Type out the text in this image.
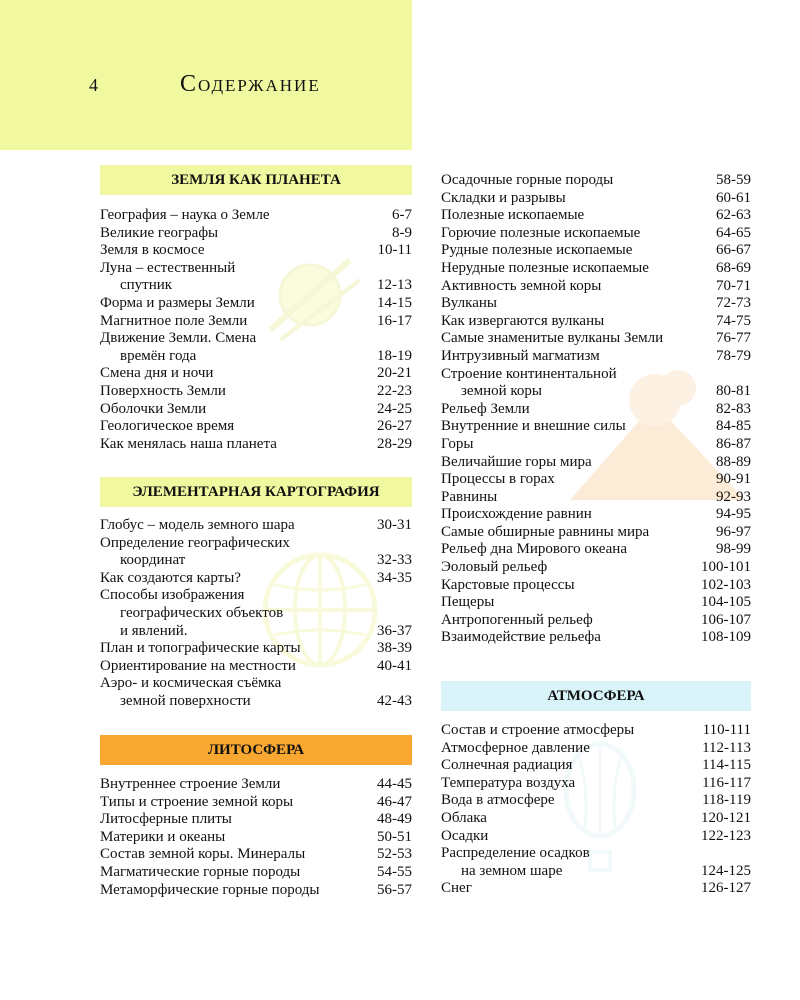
4	Содержание
ЗЕМЛЯ КАК ПЛАНЕТА
ЭЛЕМЕНТАРНАЯ КАРТОГРАФИЯ
ЛИТОСФЕРА
АТМОСФЕРА
География – наука о Земле	6-7
Великие географы	8-9
Земля в космосе	10-11
Луна – естественный
спутник	12-13
Форма и размеры Земли	14-15
Магнитное поле Земли	16-17
Движение Земли. Смена
времён года	18-19
Смена дня и ночи	20-21
Поверхность Земли	22-23
Оболочки Земли	24-25
Геологическое время	26-27
Как менялась наша планета	28-29
Глобус – модель земного шара	30-31
Определение географических
координат	32-33
Как создаются карты?	34-35
Способы изображения
географических объектов
и явлений.	36-37
План и топографические карты	38-39
Ориентирование на местности	40-41
Аэро- и космическая съёмка
земной поверхности	42-43
Внутреннее строение Земли	44-45
Типы и строение земной коры	46-47
Литосферные плиты	48-49
Материки и океаны	50-51
Состав земной коры. Минералы	52-53
Магматические горные породы	54-55
Метаморфические горные породы	56-57
Осадочные горные породы	58-59
Складки и разрывы	60-61
Полезные ископаемые	62-63
Горючие полезные ископаемые	64-65
Рудные полезные ископаемые	66-67
Нерудные полезные ископаемые	68-69
Активность земной коры	70-71
Вулканы	72-73
Как извергаются вулканы	74-75
Самые знаменитые вулканы Земли	76-77
Интрузивный магматизм	78-79
Строение континентальной
земной коры	80-81
Рельеф Земли	82-83
Внутренние и внешние силы	84-85
Горы	86-87
Величайшие горы мира	88-89
Процессы в горах	90-91
Равнины	92-93
Происхождение равнин	94-95
Самые обширные равнины мира	96-97
Рельеф дна Мирового океана	98-99
Эоловый рельеф	100-101
Карстовые процессы	102-103
Пещеры	104-105
Антропогенный рельеф	106-107
Взаимодействие рельефа	108-109
Состав и строение атмосферы	110-111
Атмосферное давление	112-113
Солнечная радиация	114-115
Температура воздуха	116-117
Вода в атмосфере	118-119
Облака	120-121
Осадки	122-123
Распределение осадков
на земном шаре	124-125
Снег	126-127
